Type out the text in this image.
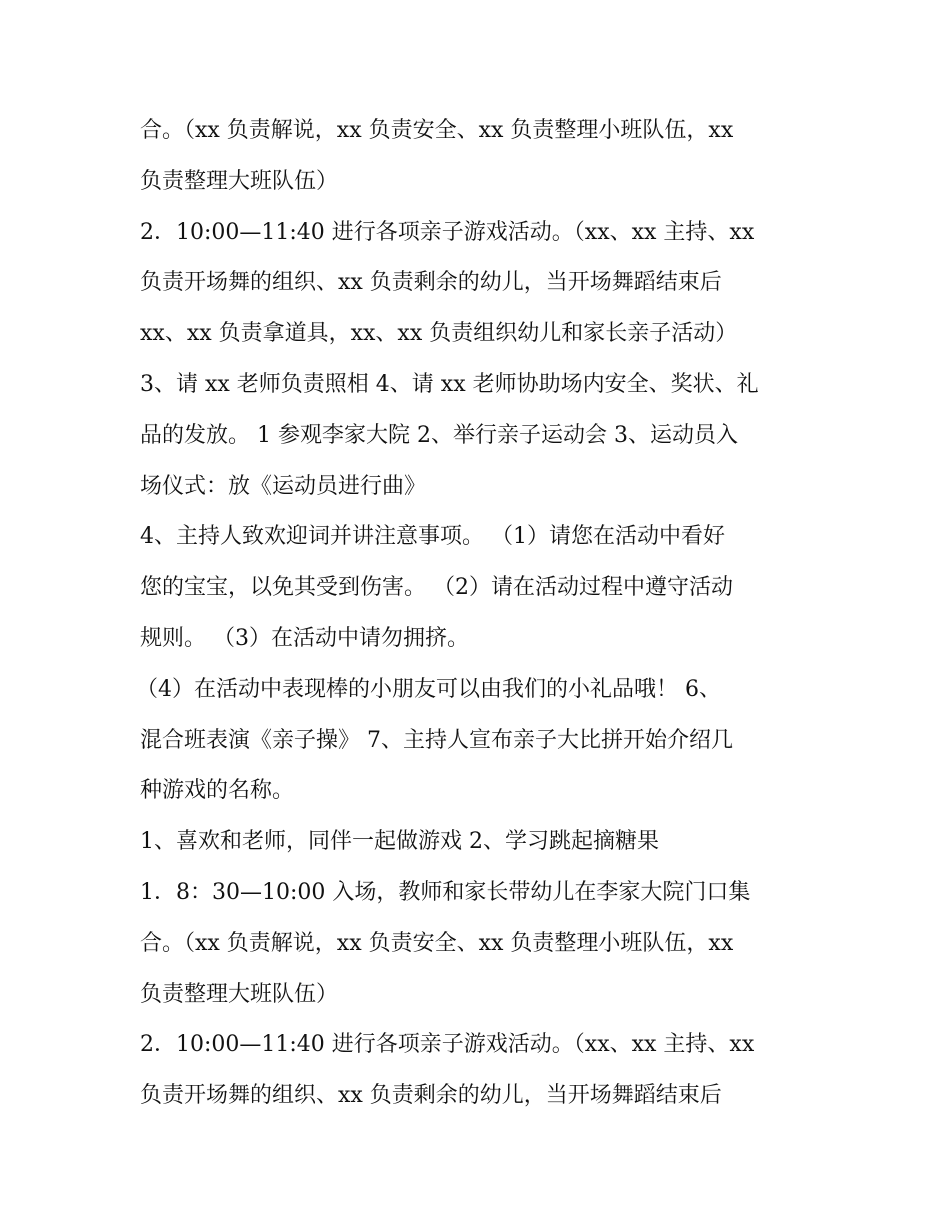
合。（xx 负责解说，xx 负责安全、xx 负责整理小班队伍，xx
负责整理大班队伍）
2．10:00—11:40 进行各项亲子游戏活动。（xx、xx 主持、xx
负责开场舞的组织、xx 负责剩余的幼儿，当开场舞蹈结束后
xx、xx 负责拿道具，xx、xx 负责组织幼儿和家长亲子活动）
3、请 xx 老师负责照相 4、请 xx 老师协助场内安全、奖状、礼
品的发放。 1 参观李家大院 2、举行亲子运动会 3、运动员入
场仪式：放《运动员进行曲》
4、主持人致欢迎词并讲注意事项。 （1）请您在活动中看好
您的宝宝，以免其受到伤害。 （2）请在活动过程中遵守活动
规则。 （3）在活动中请勿拥挤。
（4）在活动中表现棒的小朋友可以由我们的小礼品哦！ 6、
混合班表演《亲子操》 7、主持人宣布亲子大比拼开始介绍几
种游戏的名称。
1、喜欢和老师，同伴一起做游戏 2、学习跳起摘糖果
1．8：30—10:00 入场，教师和家长带幼儿在李家大院门口集
合。（xx 负责解说，xx 负责安全、xx 负责整理小班队伍，xx
负责整理大班队伍）
2．10:00—11:40 进行各项亲子游戏活动。（xx、xx 主持、xx
负责开场舞的组织、xx 负责剩余的幼儿，当开场舞蹈结束后
